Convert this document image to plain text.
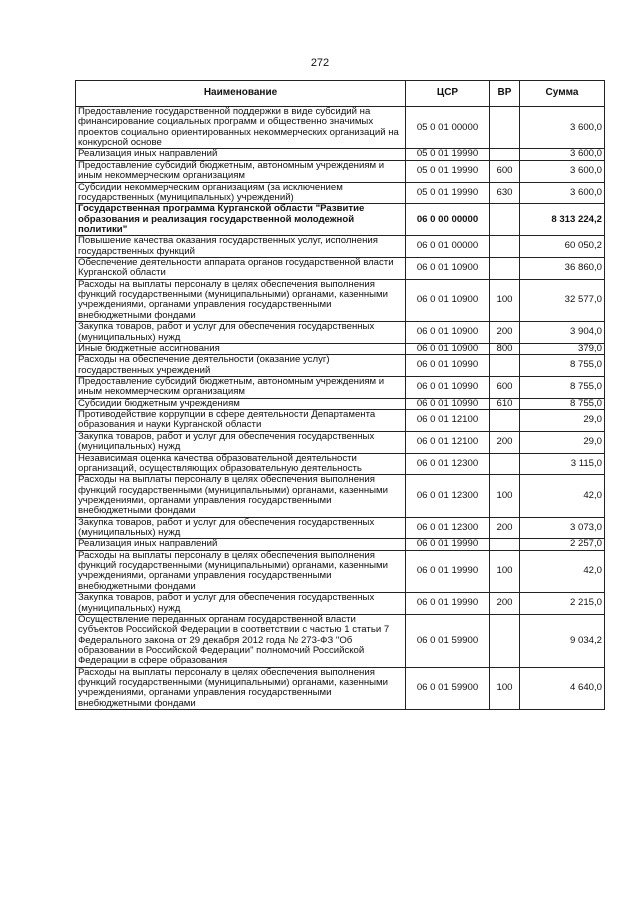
272
Наименование	ЦСР	ВР	Сумма
Предоставление государственной поддержки в виде субсидий на финансирование социальных программ и общественно значимых проектов социально ориентированных некоммерческих организаций на конкурсной основе	05 0 01 00000		3 600,0
Реализация иных направлений	05 0 01 19990		3 600,0
Предоставление субсидий бюджетным, автономным учреждениям и иным некоммерческим организациям	05 0 01 19990	600	3 600,0
Субсидии некоммерческим организациям (за исключением государственных (муниципальных) учреждений)	05 0 01 19990	630	3 600,0
Государственная программа Курганской области "Развитие образования и реализация государственной молодежной политики"	06 0 00 00000		8 313 224,2
Повышение качества оказания государственных услуг, исполнения государственных функций	06 0 01 00000		60 050,2
Обеспечение деятельности аппарата органов государственной власти Курганской области	06 0 01 10900		36 860,0
Расходы на выплаты персоналу в целях обеспечения выполнения функций государственными (муниципальными) органами, казенными учреждениями, органами управления государственными внебюджетными фондами	06 0 01 10900	100	32 577,0
Закупка товаров, работ и услуг для обеспечения государственных (муниципальных) нужд	06 0 01 10900	200	3 904,0
Иные бюджетные ассигнования	06 0 01 10900	800	379,0
Расходы на обеспечение деятельности (оказание услуг) государственных учреждений	06 0 01 10990		8 755,0
Предоставление субсидий бюджетным, автономным учреждениям и иным некоммерческим организациям	06 0 01 10990	600	8 755,0
Субсидии бюджетным учреждениям	06 0 01 10990	610	8 755,0
Противодействие коррупции в сфере деятельности Департамента образования и науки Курганской области	06 0 01 12100		29,0
Закупка товаров, работ и услуг для обеспечения государственных (муниципальных) нужд	06 0 01 12100	200	29,0
Независимая оценка качества образовательной деятельности организаций, осуществляющих образовательную деятельность	06 0 01 12300		3 115,0
Расходы на выплаты персоналу в целях обеспечения выполнения функций государственными (муниципальными) органами, казенными учреждениями, органами управления государственными внебюджетными фондами	06 0 01 12300	100	42,0
Закупка товаров, работ и услуг для обеспечения государственных (муниципальных) нужд	06 0 01 12300	200	3 073,0
Реализация иных направлений	06 0 01 19990		2 257,0
Расходы на выплаты персоналу в целях обеспечения выполнения функций государственными (муниципальными) органами, казенными учреждениями, органами управления государственными внебюджетными фондами	06 0 01 19990	100	42,0
Закупка товаров, работ и услуг для обеспечения государственных (муниципальных) нужд	06 0 01 19990	200	2 215,0
Осуществление переданных органам государственной власти субъектов Российской Федерации в соответствии с частью 1 статьи 7 Федерального закона от 29 декабря 2012 года № 273-ФЗ "Об образовании в Российской Федерации" полномочий Российской Федерации в сфере образования	06 0 01 59900		9 034,2
Расходы на выплаты персоналу в целях обеспечения выполнения функций государственными (муниципальными) органами, казенными учреждениями, органами управления государственными внебюджетными фондами	06 0 01 59900	100	4 640,0
